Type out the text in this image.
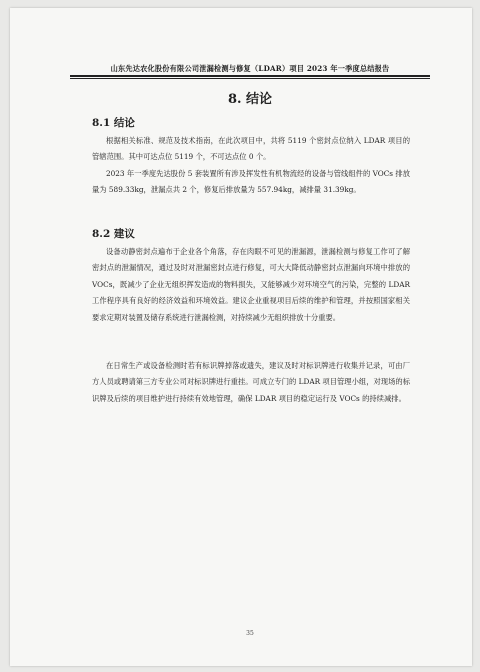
山东先达农化股份有限公司泄漏检测与修复（LDAR）项目 2023 年一季度总结报告
8. 结论
8.1 结论
根据相关标准、规范及技术指南，在此次项目中，共将 5119 个密封点位纳入 LDAR 项目的管辖范围。其中可达点位 5119 个，不可达点位 0 个。
2023 年一季度先达股份 5 套装置所有涉及挥发性有机物流经的设备与管线组件的 VOCs 排放量为 589.33kg，泄漏点共 2 个，修复后排放量为 557.94kg，减排量 31.39kg。
8.2 建议
设备动静密封点遍布于企业各个角落，存在肉眼不可见的泄漏源，泄漏检测与修复工作可了解密封点的泄漏情况，通过及时对泄漏密封点进行修复，可大大降低动静密封点泄漏向环境中排放的 VOCs，既减少了企业无组织挥发造成的物料损失，又能够减少对环境空气的污染，完整的 LDAR 工作程序具有良好的经济效益和环境效益。建议企业重视项目后续的维护和管理，并按照国家相关要求定期对装置及储存系统进行泄漏检测，对持续减少无组织排放十分重要。
在日常生产或设备检测时若有标识牌掉落或遗失，建议及时对标识牌进行收集并记录，可由厂方人员或聘请第三方专业公司对标识牌进行重挂。可成立专门的 LDAR 项目管理小组，对现场的标识牌及后续的项目维护进行持续有效地管理，确保 LDAR 项目的稳定运行及 VOCs 的持续减排。
35
